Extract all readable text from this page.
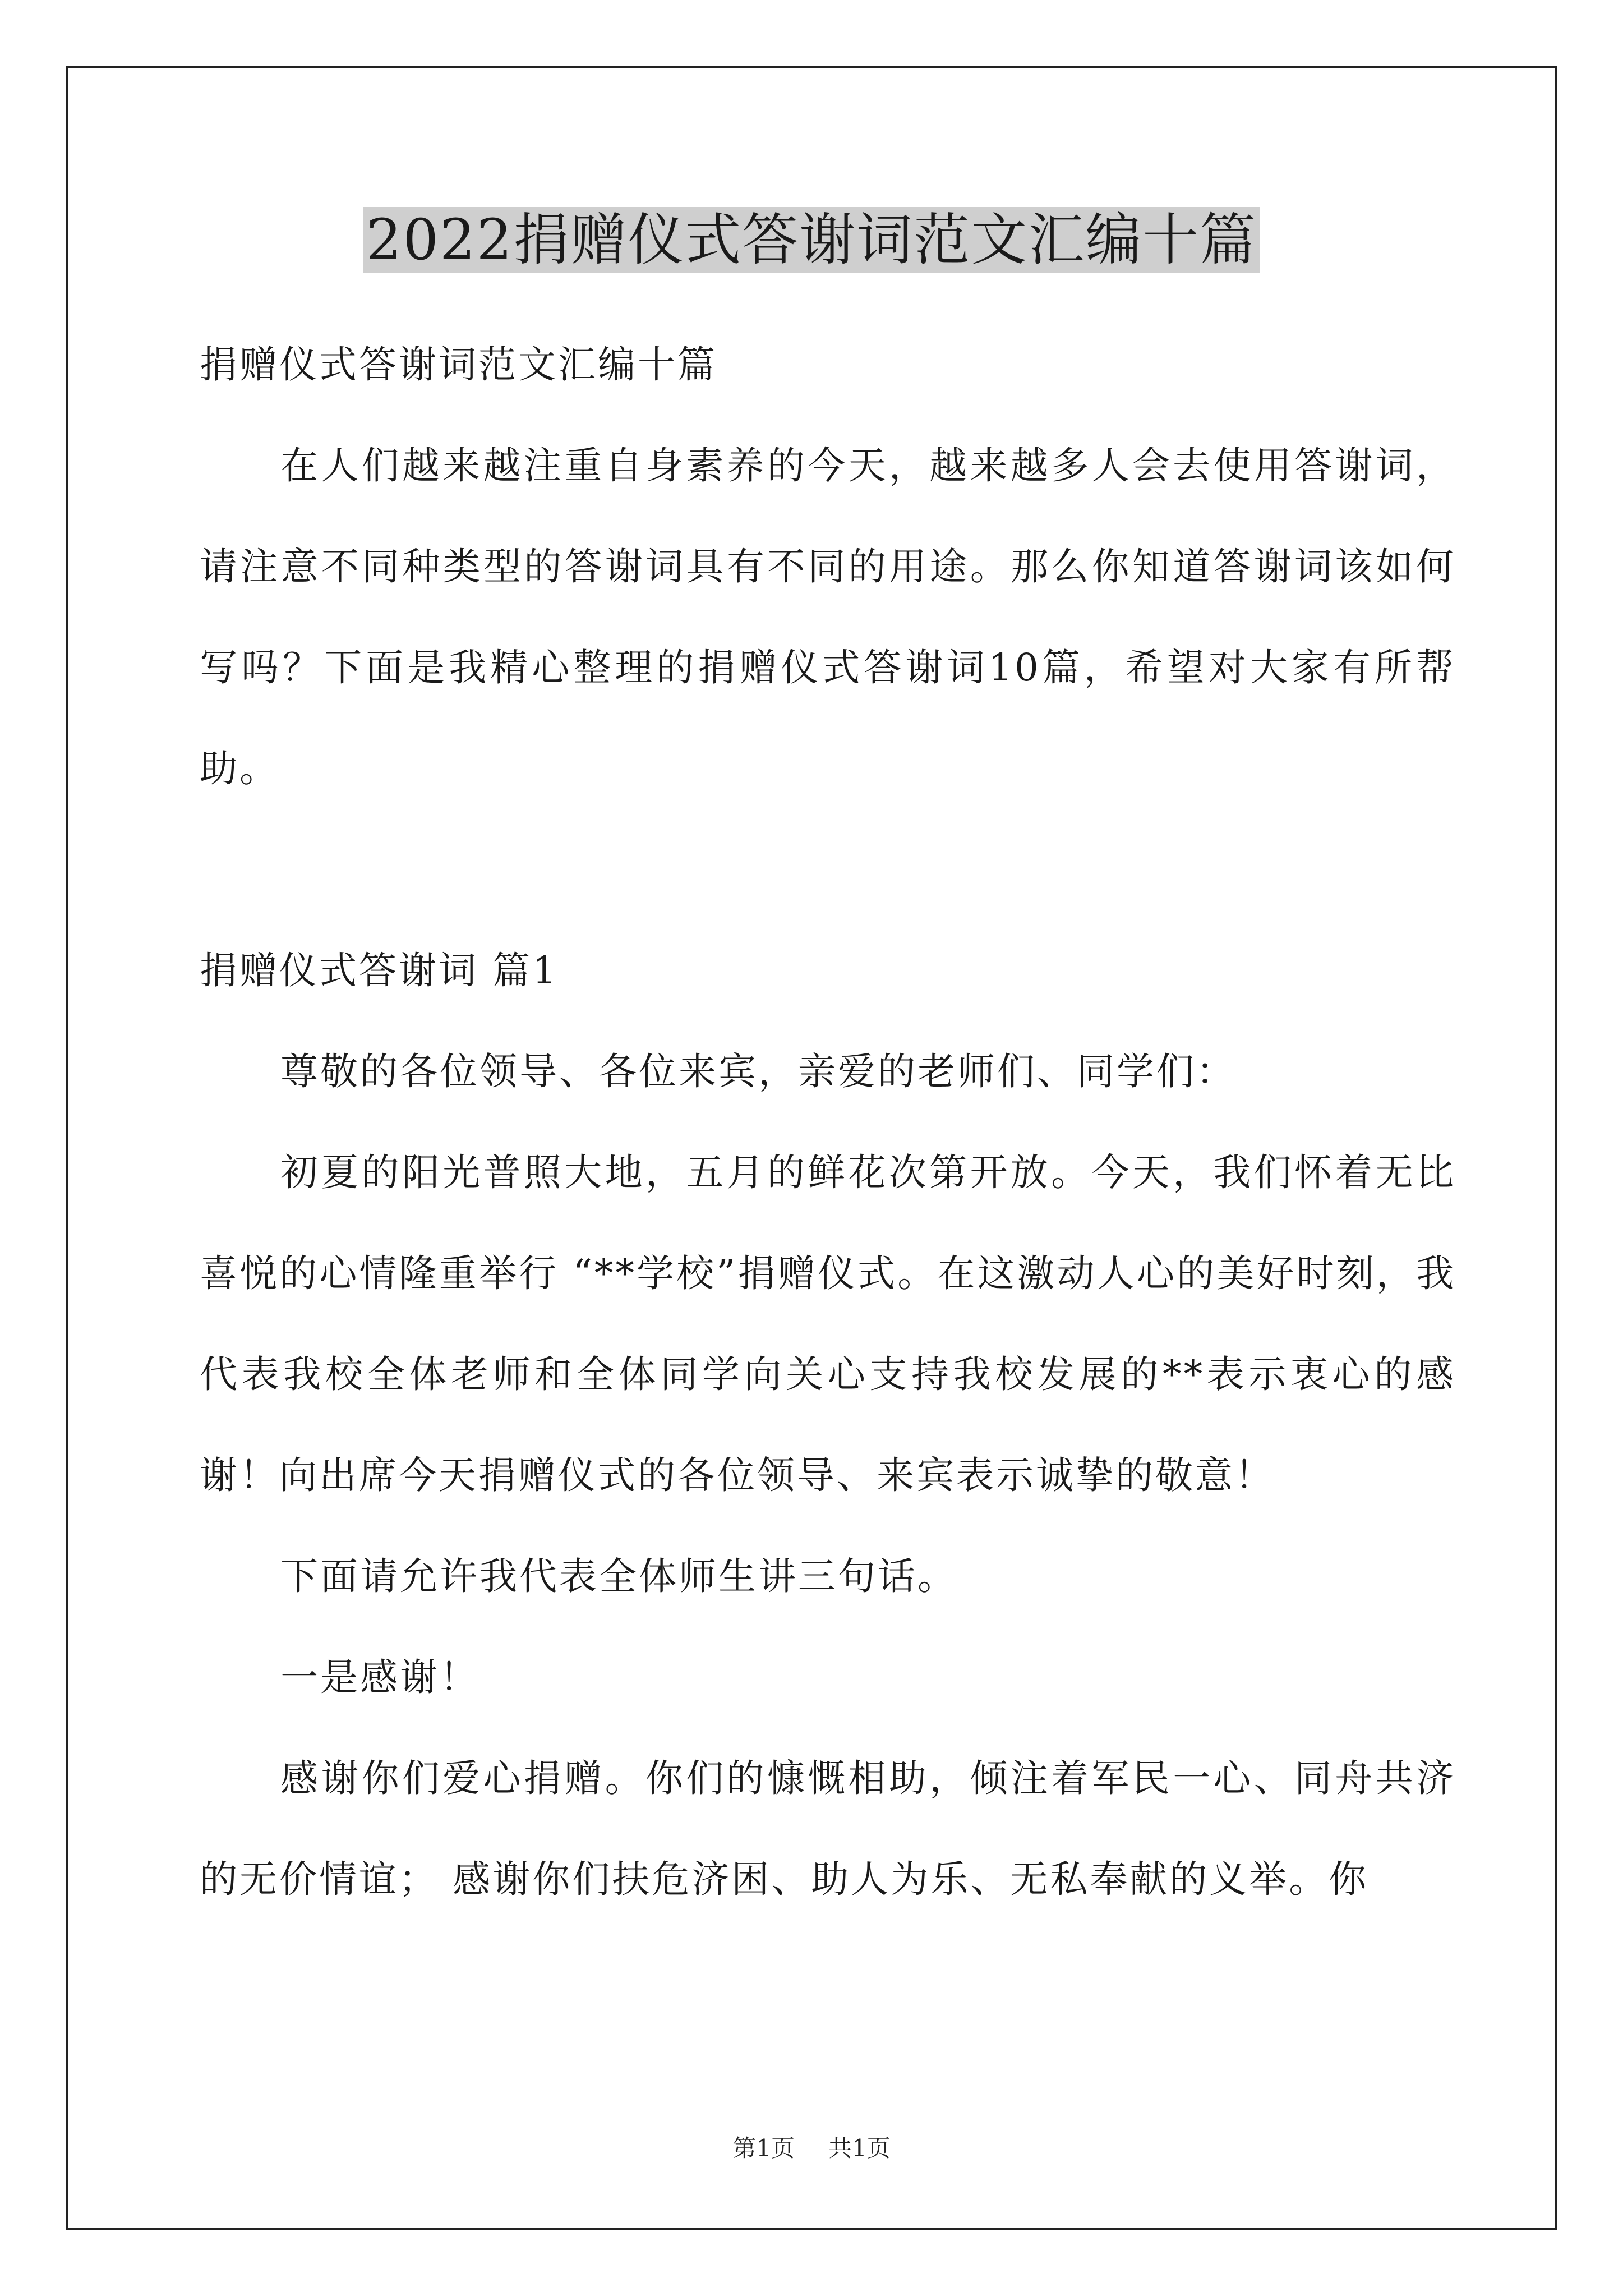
2022捐赠仪式答谢词范文汇编十篇

捐赠仪式答谢词范文汇编十篇

在人们越来越注重自身素养的今天，越来越多人会去使用答谢词，请注意不同种类型的答谢词具有不同的用途。那么你知道答谢词该如何写吗？下面是我精心整理的捐赠仪式答谢词10篇，希望对大家有所帮助。

捐赠仪式答谢词 篇1

尊敬的各位领导、各位来宾，亲爱的老师们、同学们：

初夏的阳光普照大地，五月的鲜花次第开放。今天，我们怀着无比喜悦的心情隆重举行 “**学校”捐赠仪式。在这激动人心的美好时刻，我代表我校全体老师和全体同学向关心支持我校发展的**表示衷心的感谢！向出席今天捐赠仪式的各位领导、来宾表示诚挚的敬意！

下面请允许我代表全体师生讲三句话。

一是感谢！

感谢你们爱心捐赠。你们的慷慨相助，倾注着军民一心、同舟共济的无价情谊； 感谢你们扶危济困、助人为乐、无私奉献的义举。你

第1页 共1页
